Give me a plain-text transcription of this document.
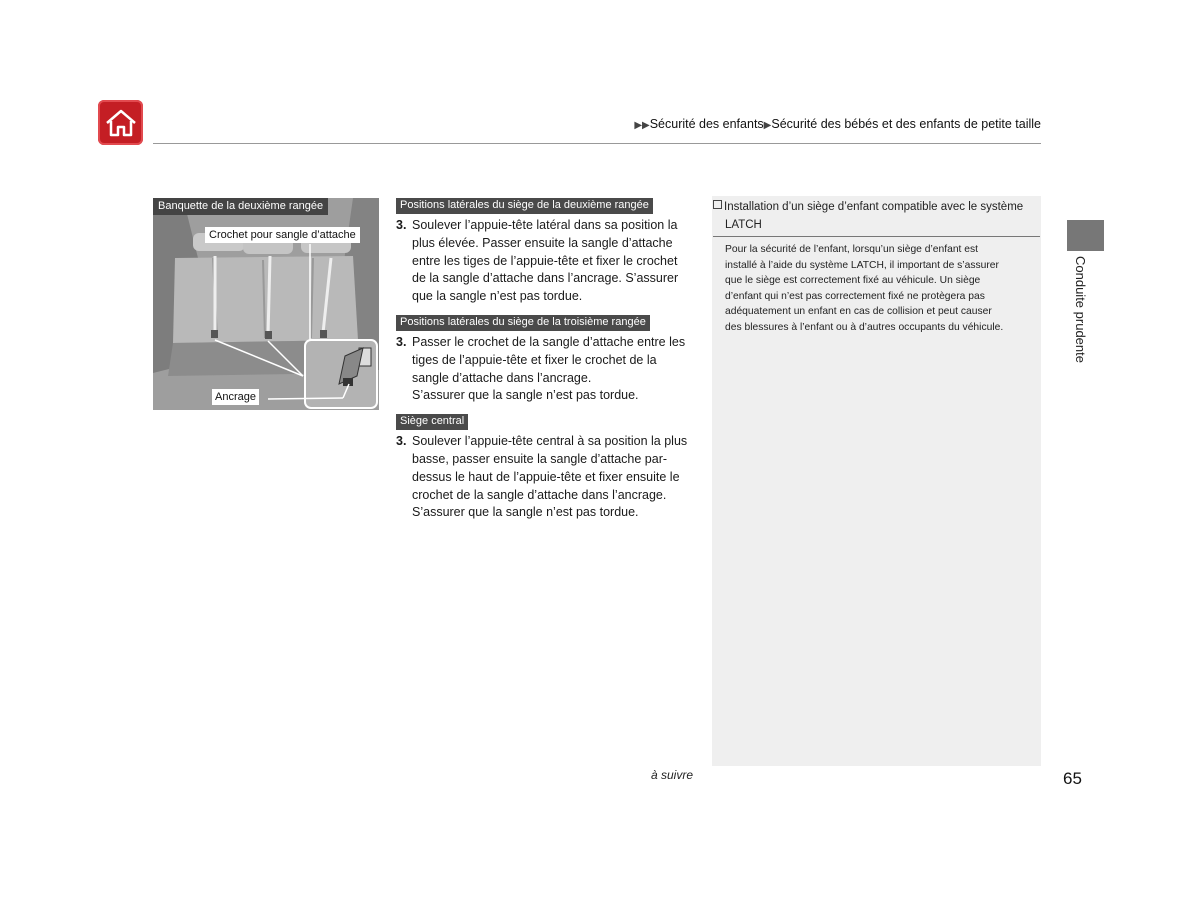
▶▶Sécurité des enfants▶Sécurité des bébés et des enfants de petite taille
Banquette de la deuxième rangée
Crochet pour sangle d’attache
Ancrage
Positions latérales du siège de la deuxième rangée
3. Soulever l’appuie-tête latéral dans sa position la

plus élevée. Passer ensuite la sangle d’attache

entre les tiges de l’appuie-tête et fixer le crochet

de la sangle d’attache dans l’ancrage. S’assurer

que la sangle n’est pas tordue.

Positions latérales du siège de la troisième rangée
3. Passer le crochet de la sangle d’attache entre les

tiges de l’appuie-tête et fixer le crochet de la

sangle d’attache dans l’ancrage.

S’assurer que la sangle n’est pas tordue.

Siège central
3. Soulever l’appuie-tête central à sa position la plus

basse, passer ensuite la sangle d’attache par-

dessus le haut de l’appuie-tête et fixer ensuite le

crochet de la sangle d’attache dans l’ancrage.

S’assurer que la sangle n’est pas tordue.

Installation d’un siège d’enfant compatible avec le système
LATCH
Pour la sécurité de l’enfant, lorsqu’un siège d’enfant est
installé à l’aide du système LATCH, il important de s’assurer
que le siège est correctement fixé au véhicule. Un siège
d’enfant qui n’est pas correctement fixé ne protègera pas
adéquatement un enfant en cas de collision et peut causer
des blessures à l’enfant ou à d’autres occupants du véhicule.	Conduite prudente
à suivre	65
